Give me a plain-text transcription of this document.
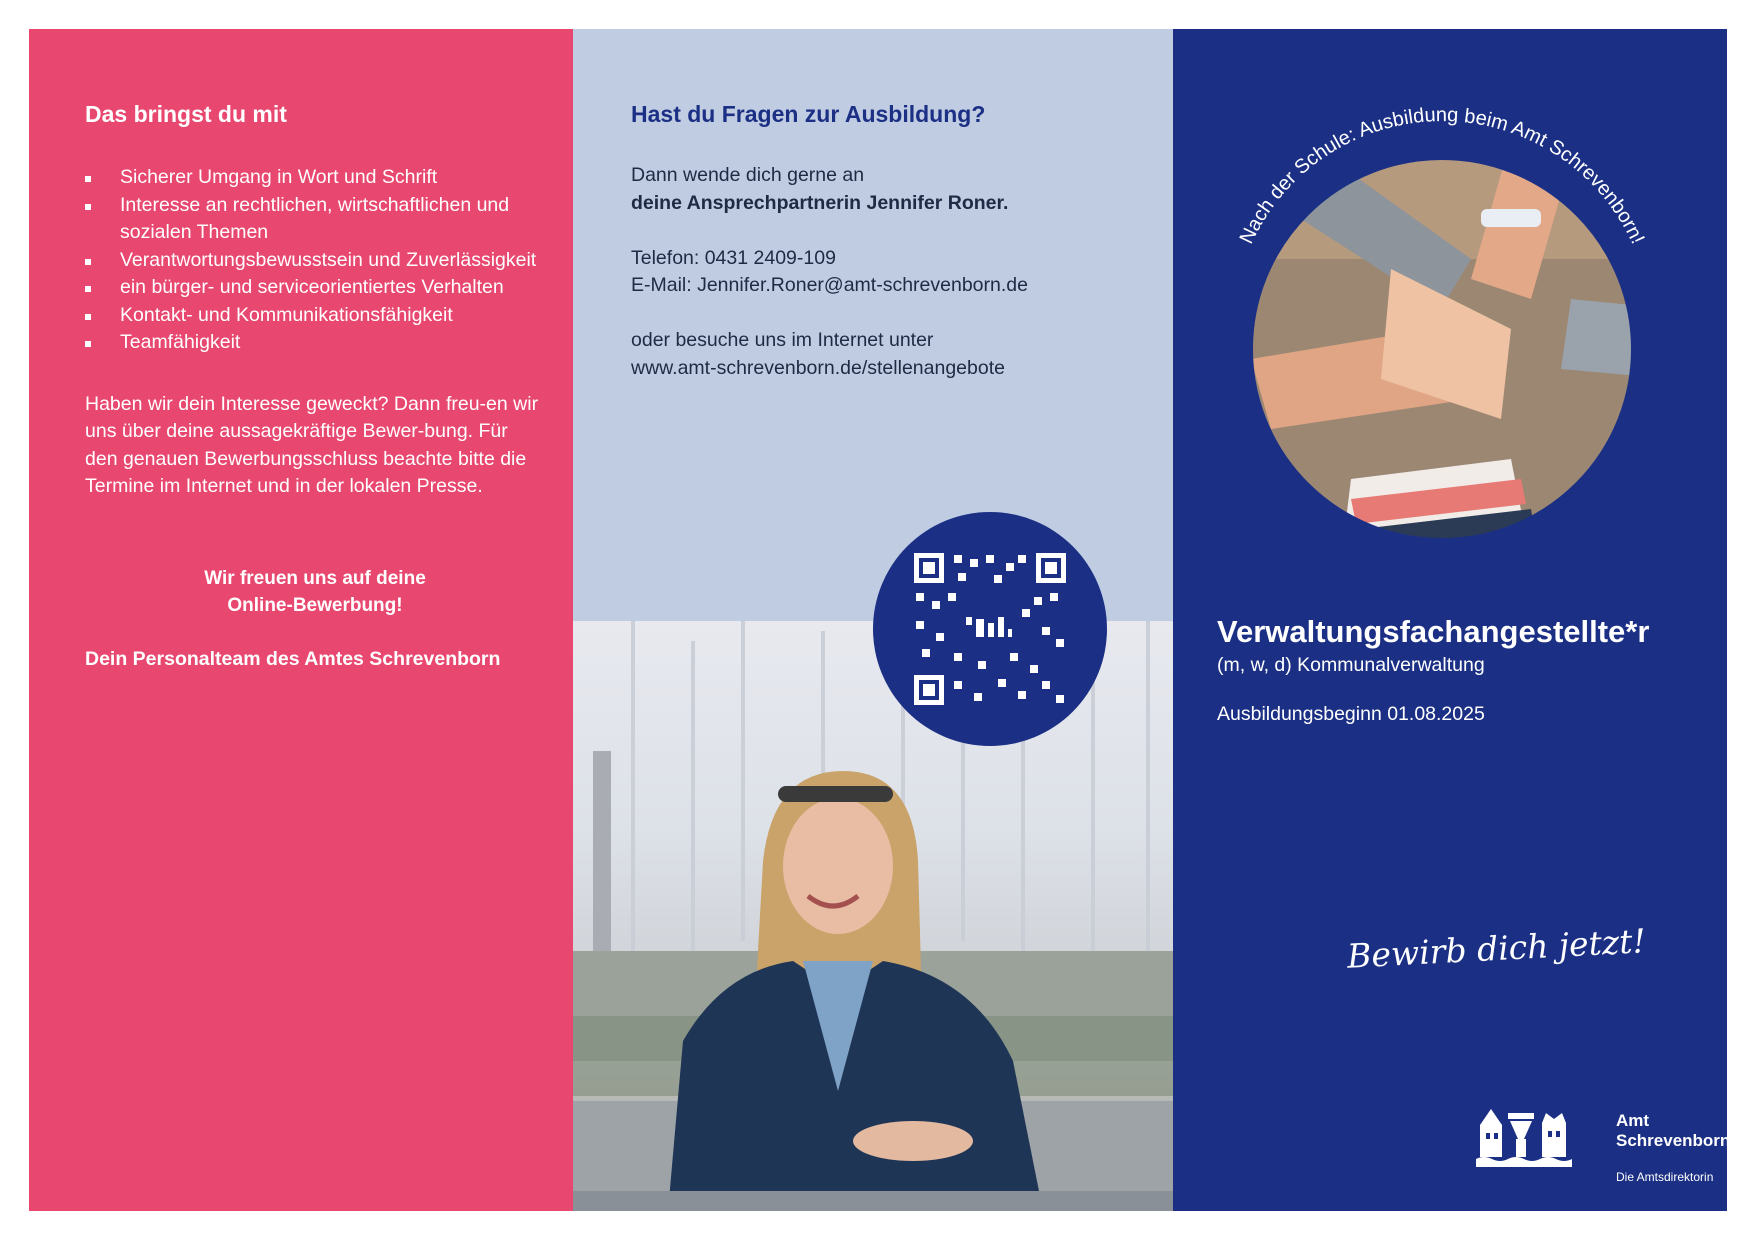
Das bringst du mit
Sicherer Umgang in Wort und Schrift
Interesse an rechtlichen, wirtschaftlichen und sozialen Themen
Verantwortungsbewusstsein und Zuverlässigkeit
ein bürger- und serviceorientiertes Verhalten
Kontakt- und Kommunikationsfähigkeit
Teamfähigkeit

Haben wir dein Interesse geweckt? Dann freu-en wir uns über deine aussagekräftige Bewer-bung. Für den genauen Bewerbungsschluss beachte bitte die Termine im Internet und in der lokalen Presse.

Wir freuen uns auf deine
Online-Bewerbung!

Dein Personalteam des Amtes Schrevenborn

Hast du Fragen zur Ausbildung?
Dann wende dich gerne an
deine Ansprechpartnerin Jennifer Roner.
Telefon: 0431 2409-109
E-Mail: Jennifer.Roner@amt-schrevenborn.de
oder besuche uns im Internet unter
www.amt-schrevenborn.de/stellenangebote
Nach der Schule: Ausbildung beim Amt Schrevenborn!
Verwaltungsfachangestellte*r
(m, w, d) Kommunalverwaltung
Ausbildungsbeginn 01.08.2025
Bewirb dich jetzt!
Amt
Schrevenborn
Die Amtsdirektorin
